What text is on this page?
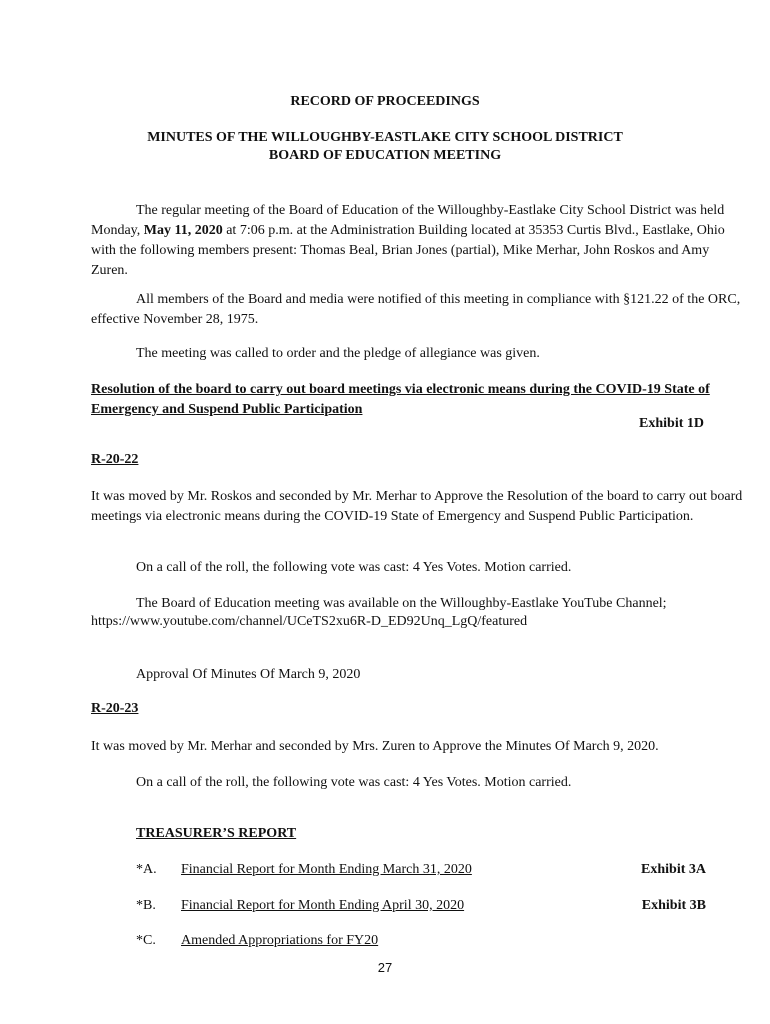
RECORD OF PROCEEDINGS
MINUTES OF THE WILLOUGHBY-EASTLAKE CITY SCHOOL DISTRICT
BOARD OF EDUCATION MEETING
The regular meeting of the Board of Education of the Willoughby-Eastlake City School District was held Monday, May 11, 2020 at 7:06 p.m. at the Administration Building located at 35353 Curtis Blvd., Eastlake, Ohio with the following members present: Thomas Beal, Brian Jones (partial), Mike Merhar, John Roskos and Amy Zuren.
All members of the Board and media were notified of this meeting in compliance with §121.22 of the ORC, effective November 28, 1975.
The meeting was called to order and the pledge of allegiance was given.
Resolution of the board to carry out board meetings via electronic means during the COVID-19 State of Emergency and Suspend Public Participation
Exhibit 1D
R-20-22
It was moved by Mr. Roskos and seconded by Mr. Merhar to Approve the Resolution of the board to carry out board meetings via electronic means during the COVID-19 State of Emergency and Suspend Public Participation.
On a call of the roll, the following vote was cast: 4 Yes Votes. Motion carried.
The Board of Education meeting was available on the Willoughby-Eastlake YouTube Channel;
https://www.youtube.com/channel/UCeTS2xu6R-D_ED92Unq_LgQ/featured
Approval Of Minutes Of March 9, 2020
R-20-23
It was moved by Mr. Merhar and seconded by Mrs. Zuren to Approve the Minutes Of March 9, 2020.
On a call of the roll, the following vote was cast: 4 Yes Votes. Motion carried.
TREASURER’S REPORT
*A. Financial Report for Month Ending March 31, 2020	Exhibit 3A
*B. Financial Report for Month Ending April 30, 2020	Exhibit 3B
*C. Amended Appropriations for FY20
27
